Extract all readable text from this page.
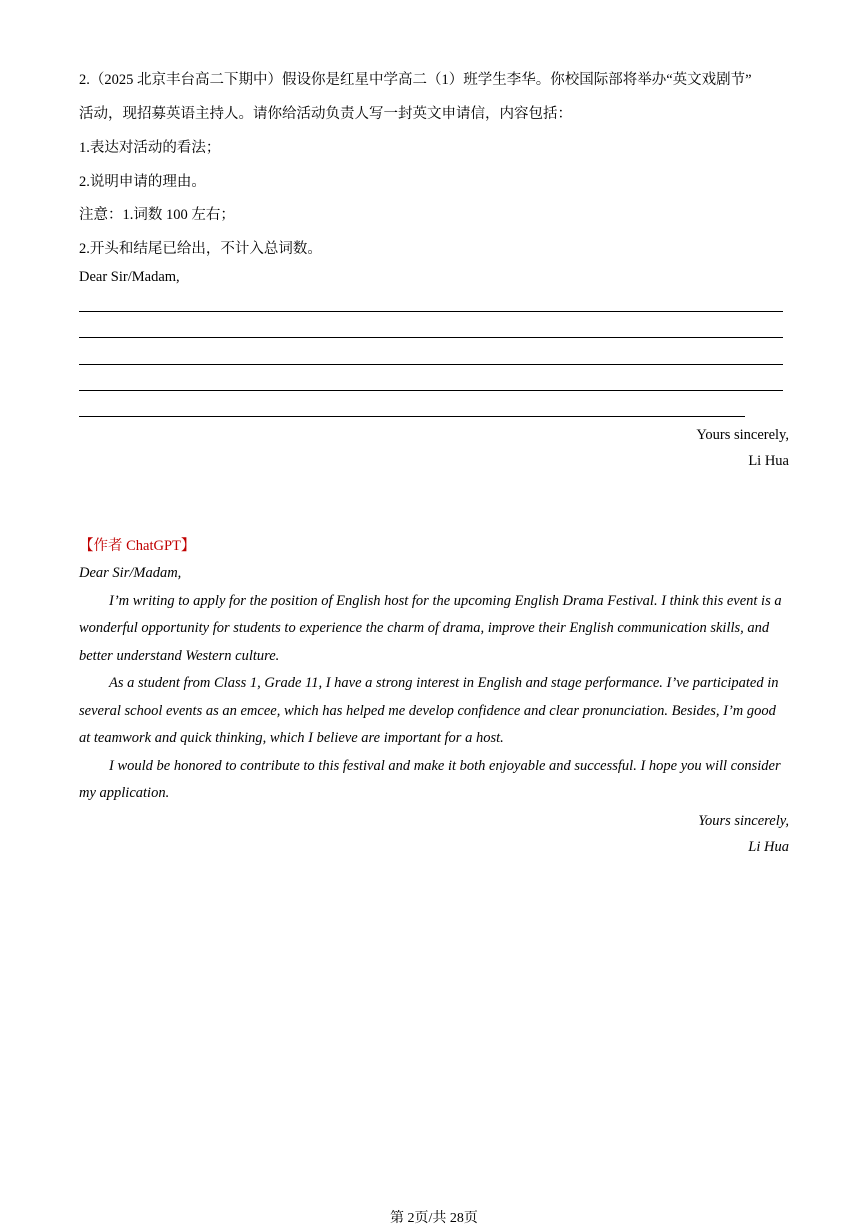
2.（2025 北京丰台高二下期中）假设你是红星中学高二（1）班学生李华。你校国际部将举办“英文戏剧节”
活动，现招募英语主持人。请你给活动负责人写一封英文申请信，内容包括：
1.表达对活动的看法；
2.说明申请的理由。
注意：1.词数 100 左右；
2.开头和结尾已给出，不计入总词数。
Dear Sir/Madam,
Yours sincerely,
Li Hua
【作者 ChatGPT】

Dear Sir/Madam,

I’m writing to apply for the position of English host for the upcoming English Drama Festival. I think this event is a wonderful opportunity for students to experience the charm of drama, improve their English communication skills, and better understand Western culture.

As a student from Class 1, Grade 11, I have a strong interest in English and stage performance. I’ve participated in several school events as an emcee, which has helped me develop confidence and clear pronunciation. Besides, I’m good at teamwork and quick thinking, which I believe are important for a host.

I would be honored to contribute to this festival and make it both enjoyable and successful. I hope you will consider my application.

Yours sincerely,

Li Hua

第 2页/共 28页
